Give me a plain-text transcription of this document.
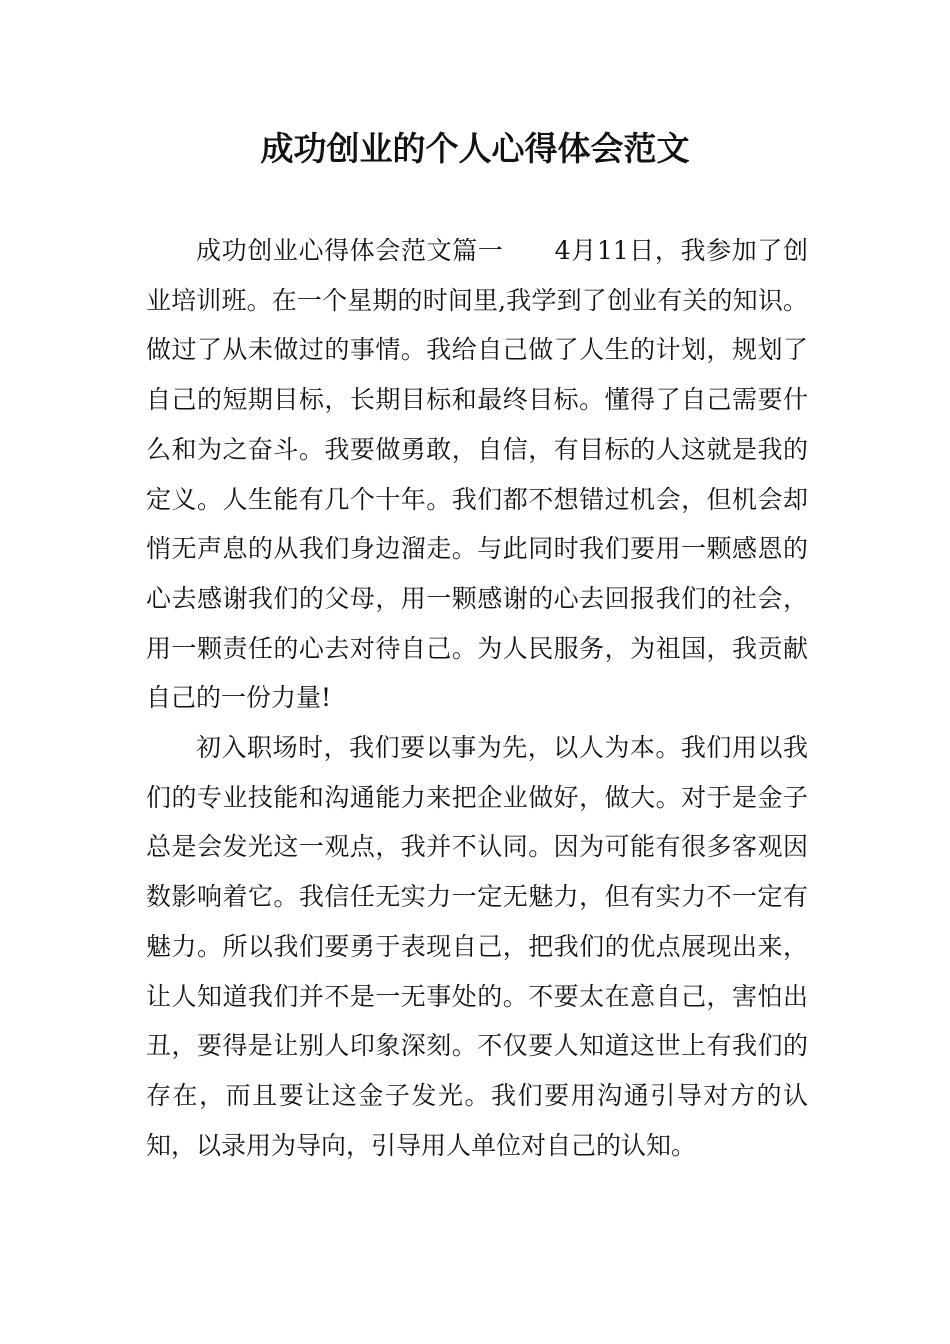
成功创业的个人心得体会范文

成功创业心得体会范文篇一　　4月11日，我参加了创业培训班。在一个星期的时间里,我学到了创业有关的知识。做过了从未做过的事情。我给自己做了人生的计划，规划了自己的短期目标，长期目标和最终目标。懂得了自己需要什么和为之奋斗。我要做勇敢，自信，有目标的人这就是我的定义。人生能有几个十年。我们都不想错过机会，但机会却悄无声息的从我们身边溜走。与此同时我们要用一颗感恩的心去感谢我们的父母，用一颗感谢的心去回报我们的社会，用一颗责任的心去对待自己。为人民服务，为祖国，我贡献自己的一份力量!

初入职场时，我们要以事为先，以人为本。我们用以我们的专业技能和沟通能力来把企业做好，做大。对于是金子总是会发光这一观点，我并不认同。因为可能有很多客观因数影响着它。我信任无实力一定无魅力，但有实力不一定有魅力。所以我们要勇于表现自己，把我们的优点展现出来，让人知道我们并不是一无事处的。不要太在意自己，害怕出丑，要得是让别人印象深刻。不仅要人知道这世上有我们的存在，而且要让这金子发光。我们要用沟通引导对方的认知，以录用为导向，引导用人单位对自己的认知。
